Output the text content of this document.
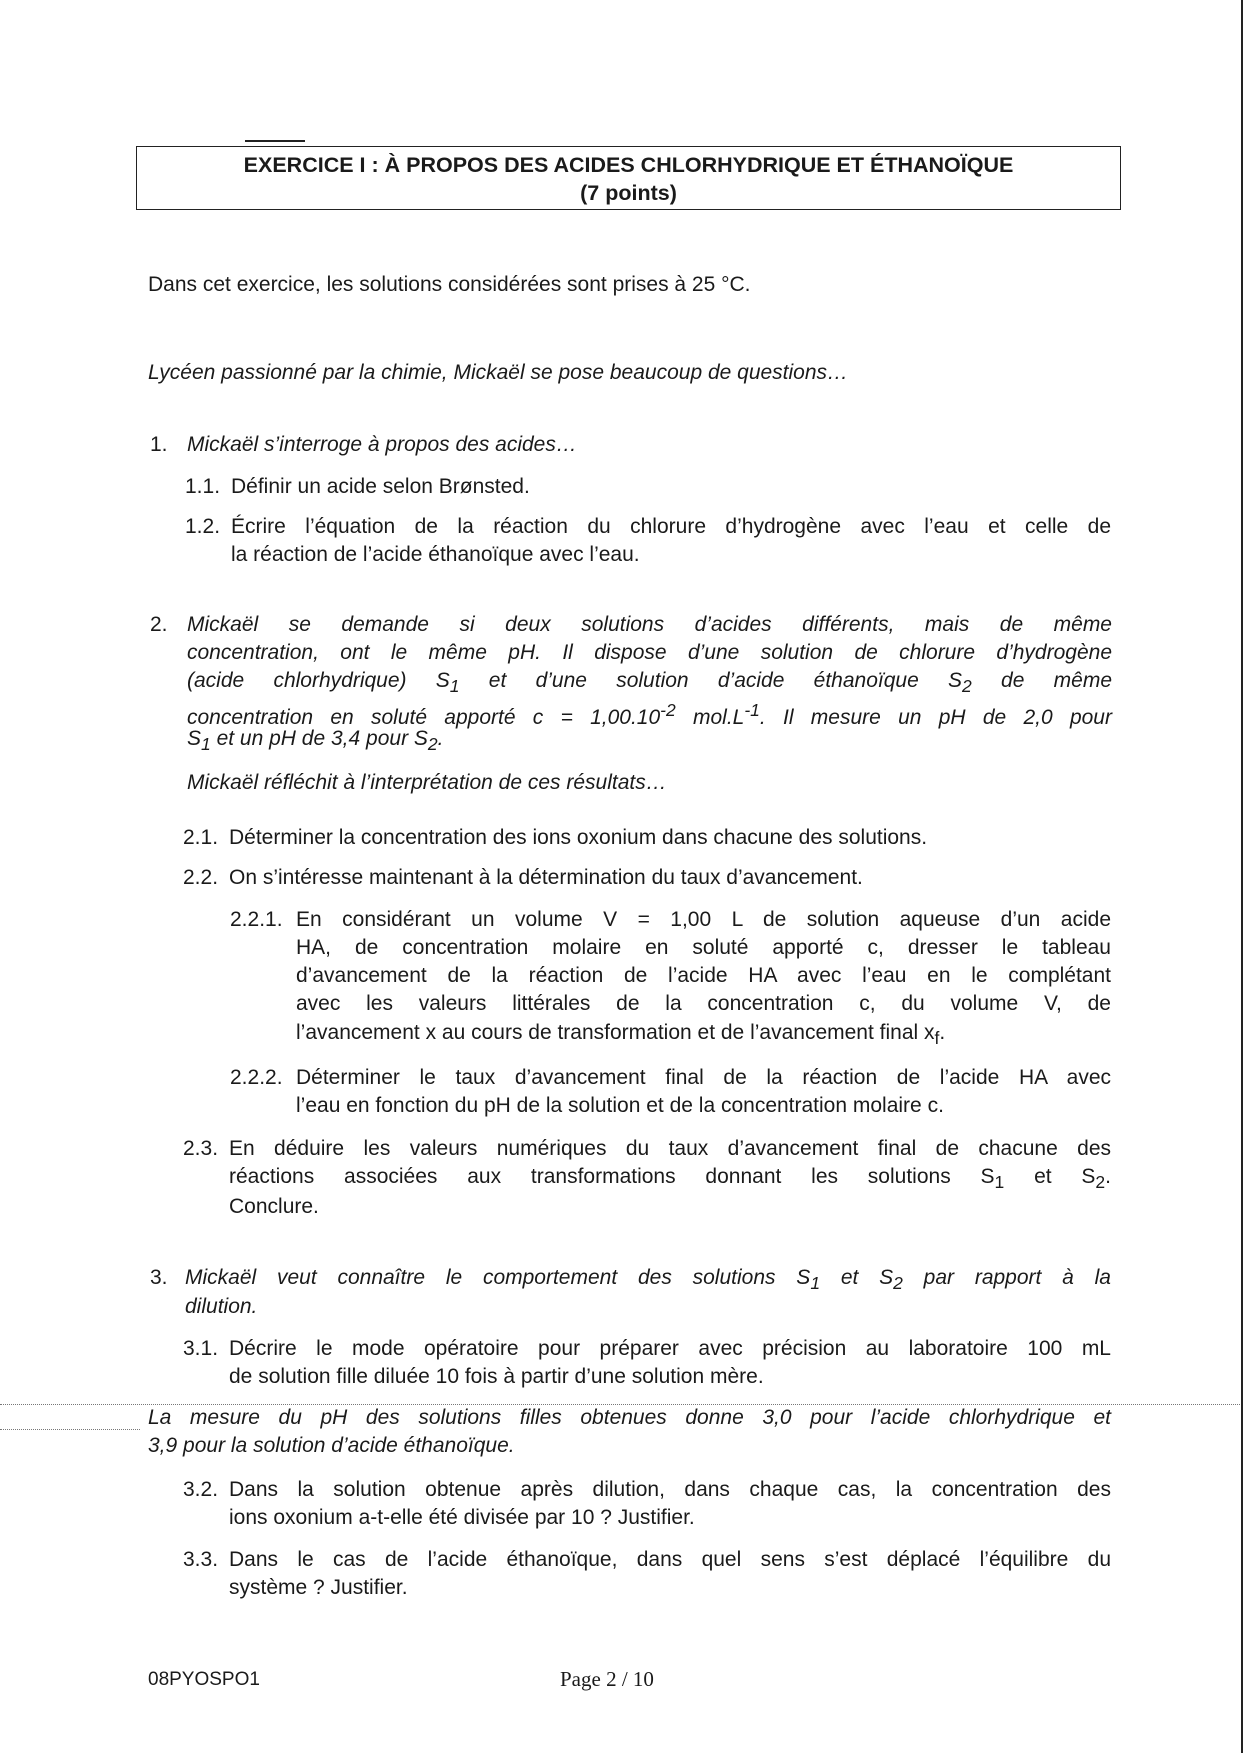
EXERCICE I : À PROPOS DES ACIDES CHLORHYDRIQUE ET ÉTHANOÏQUE
(7 points)
Dans cet exercice, les solutions considérées sont prises à 25 °C.
Lycéen passionné par la chimie, Mickaël se pose beaucoup de questions…
1. Mickaël s’interroge à propos des acides…
1.1. Définir un acide selon Brønsted.
1.2. Écrire l’équation de la réaction du chlorure d’hydrogène avec l’eau et celle de
la réaction de l’acide éthanoïque avec l’eau.
2. Mickaël se demande si deux solutions d’acides différents, mais de même
concentration, ont le même pH. Il dispose d’une solution de chlorure d’hydrogène
(acide chlorhydrique) $S_1$ et d’une solution d’acide éthanoïque $S_2$ de même
concentration en soluté apporté $c = 1,00.10^{-2}$ $mol.L^{-1}$. Il mesure un pH de 2,0 pour
$S_1$ et un pH de 3,4 pour $S_2$.
Mickaël réfléchit à l’interprétation de ces résultats…
2.1. Déterminer la concentration des ions oxonium dans chacune des solutions.
2.2. On s’intéresse maintenant à la détermination du taux d’avancement.
2.2.1. En considérant un volume V = 1,00 L de solution aqueuse d’un acide
HA, de concentration molaire en soluté apporté c, dresser le tableau
d’avancement de la réaction de l’acide HA avec l’eau en le complétant
avec les valeurs littérales de la concentration c, du volume V, de
l’avancement x au cours de transformation et de l’avancement final $x_f$.
2.2.2. Déterminer le taux d’avancement final de la réaction de l’acide HA avec
l’eau en fonction du pH de la solution et de la concentration molaire c.
2.3. En déduire les valeurs numériques du taux d’avancement final de chacune des
réactions associées aux transformations donnant les solutions $S_1$ et $S_2$.
Conclure.
3. Mickaël veut connaître le comportement des solutions $S_1$ et $S_2$ par rapport à la
dilution.
3.1. Décrire le mode opératoire pour préparer avec précision au laboratoire 100 mL
de solution fille diluée 10 fois à partir d’une solution mère.
La mesure du pH des solutions filles obtenues donne 3,0 pour l’acide chlorhydrique et
3,9 pour la solution d’acide éthanoïque.
3.2. Dans la solution obtenue après dilution, dans chaque cas, la concentration des
ions oxonium a-t-elle été divisée par 10 ? Justifier.
3.3. Dans le cas de l’acide éthanoïque, dans quel sens s’est déplacé l’équilibre du
système ? Justifier.
08PYOSPO1	Page 2 / 10
